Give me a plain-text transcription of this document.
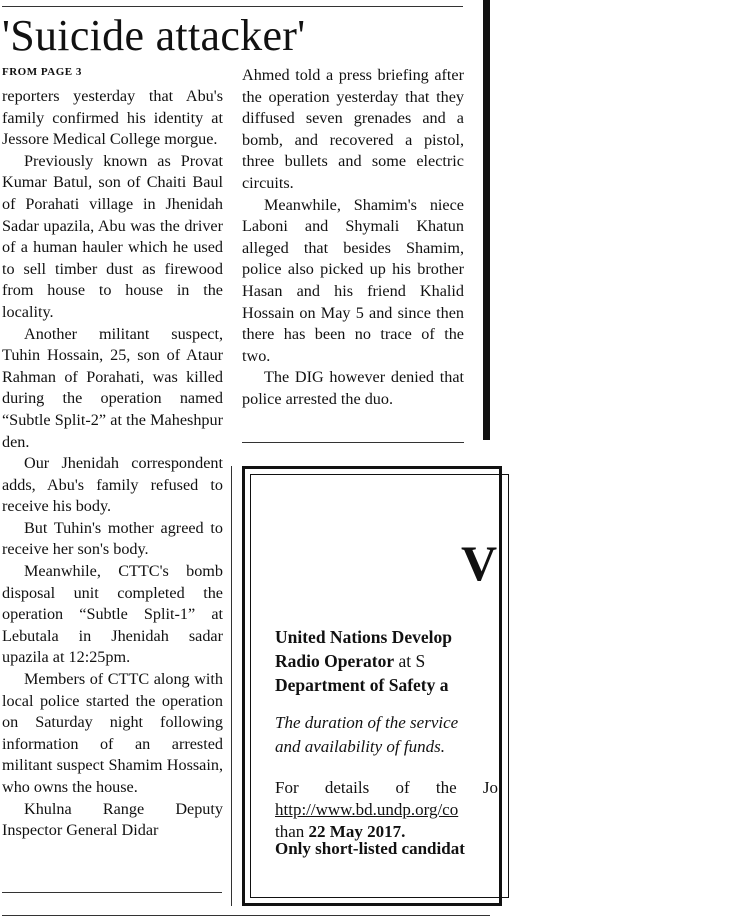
'Suicide attacker'
FROM PAGE 3

reporters yesterday that Abu's family confirmed his identity at Jessore Medical College morgue.

Previously known as Provat Kumar Batul, son of Chaiti Baul of Porahati village in Jhenidah Sadar upazila, Abu was the driver of a human hauler which he used to sell timber dust as firewood from house to house in the locality.

Another militant suspect, Tuhin Hossain, 25, son of Ataur Rahman of Porahati, was killed during the operation named “Subtle Split-2” at the Maheshpur den.

Our Jhenidah correspondent adds, Abu's family refused to receive his body.

But Tuhin's mother agreed to receive her son's body.

Meanwhile, CTTC's bomb disposal unit completed the operation “Subtle Split-1” at Lebutala in Jhenidah sadar upazila at 12:25pm.

Members of CTTC along with local police started the operation on Saturday night following information of an arrested militant suspect Shamim Hossain, who owns the house.

Khulna Range Deputy Inspector General Didar

Ahmed told a press briefing after the operation yesterday that they diffused seven grenades and a bomb, and recovered a pistol, three bullets and some electric circuits.

Meanwhile, Shamim's niece Laboni and Shymali Khatun alleged that besides Shamim, police also picked up his brother Hasan and his friend Khalid Hossain on May 5 and since then there has been no trace of the two.

The DIG however denied that police arrested the duo.

V
United Nations Develop
Radio Operator at S
Department of Safety a
The duration of the service
and availability of funds.
For details of the Jo
http://www.bd.undp.org/co
than 22 May 2017.
Only short-listed candidat
